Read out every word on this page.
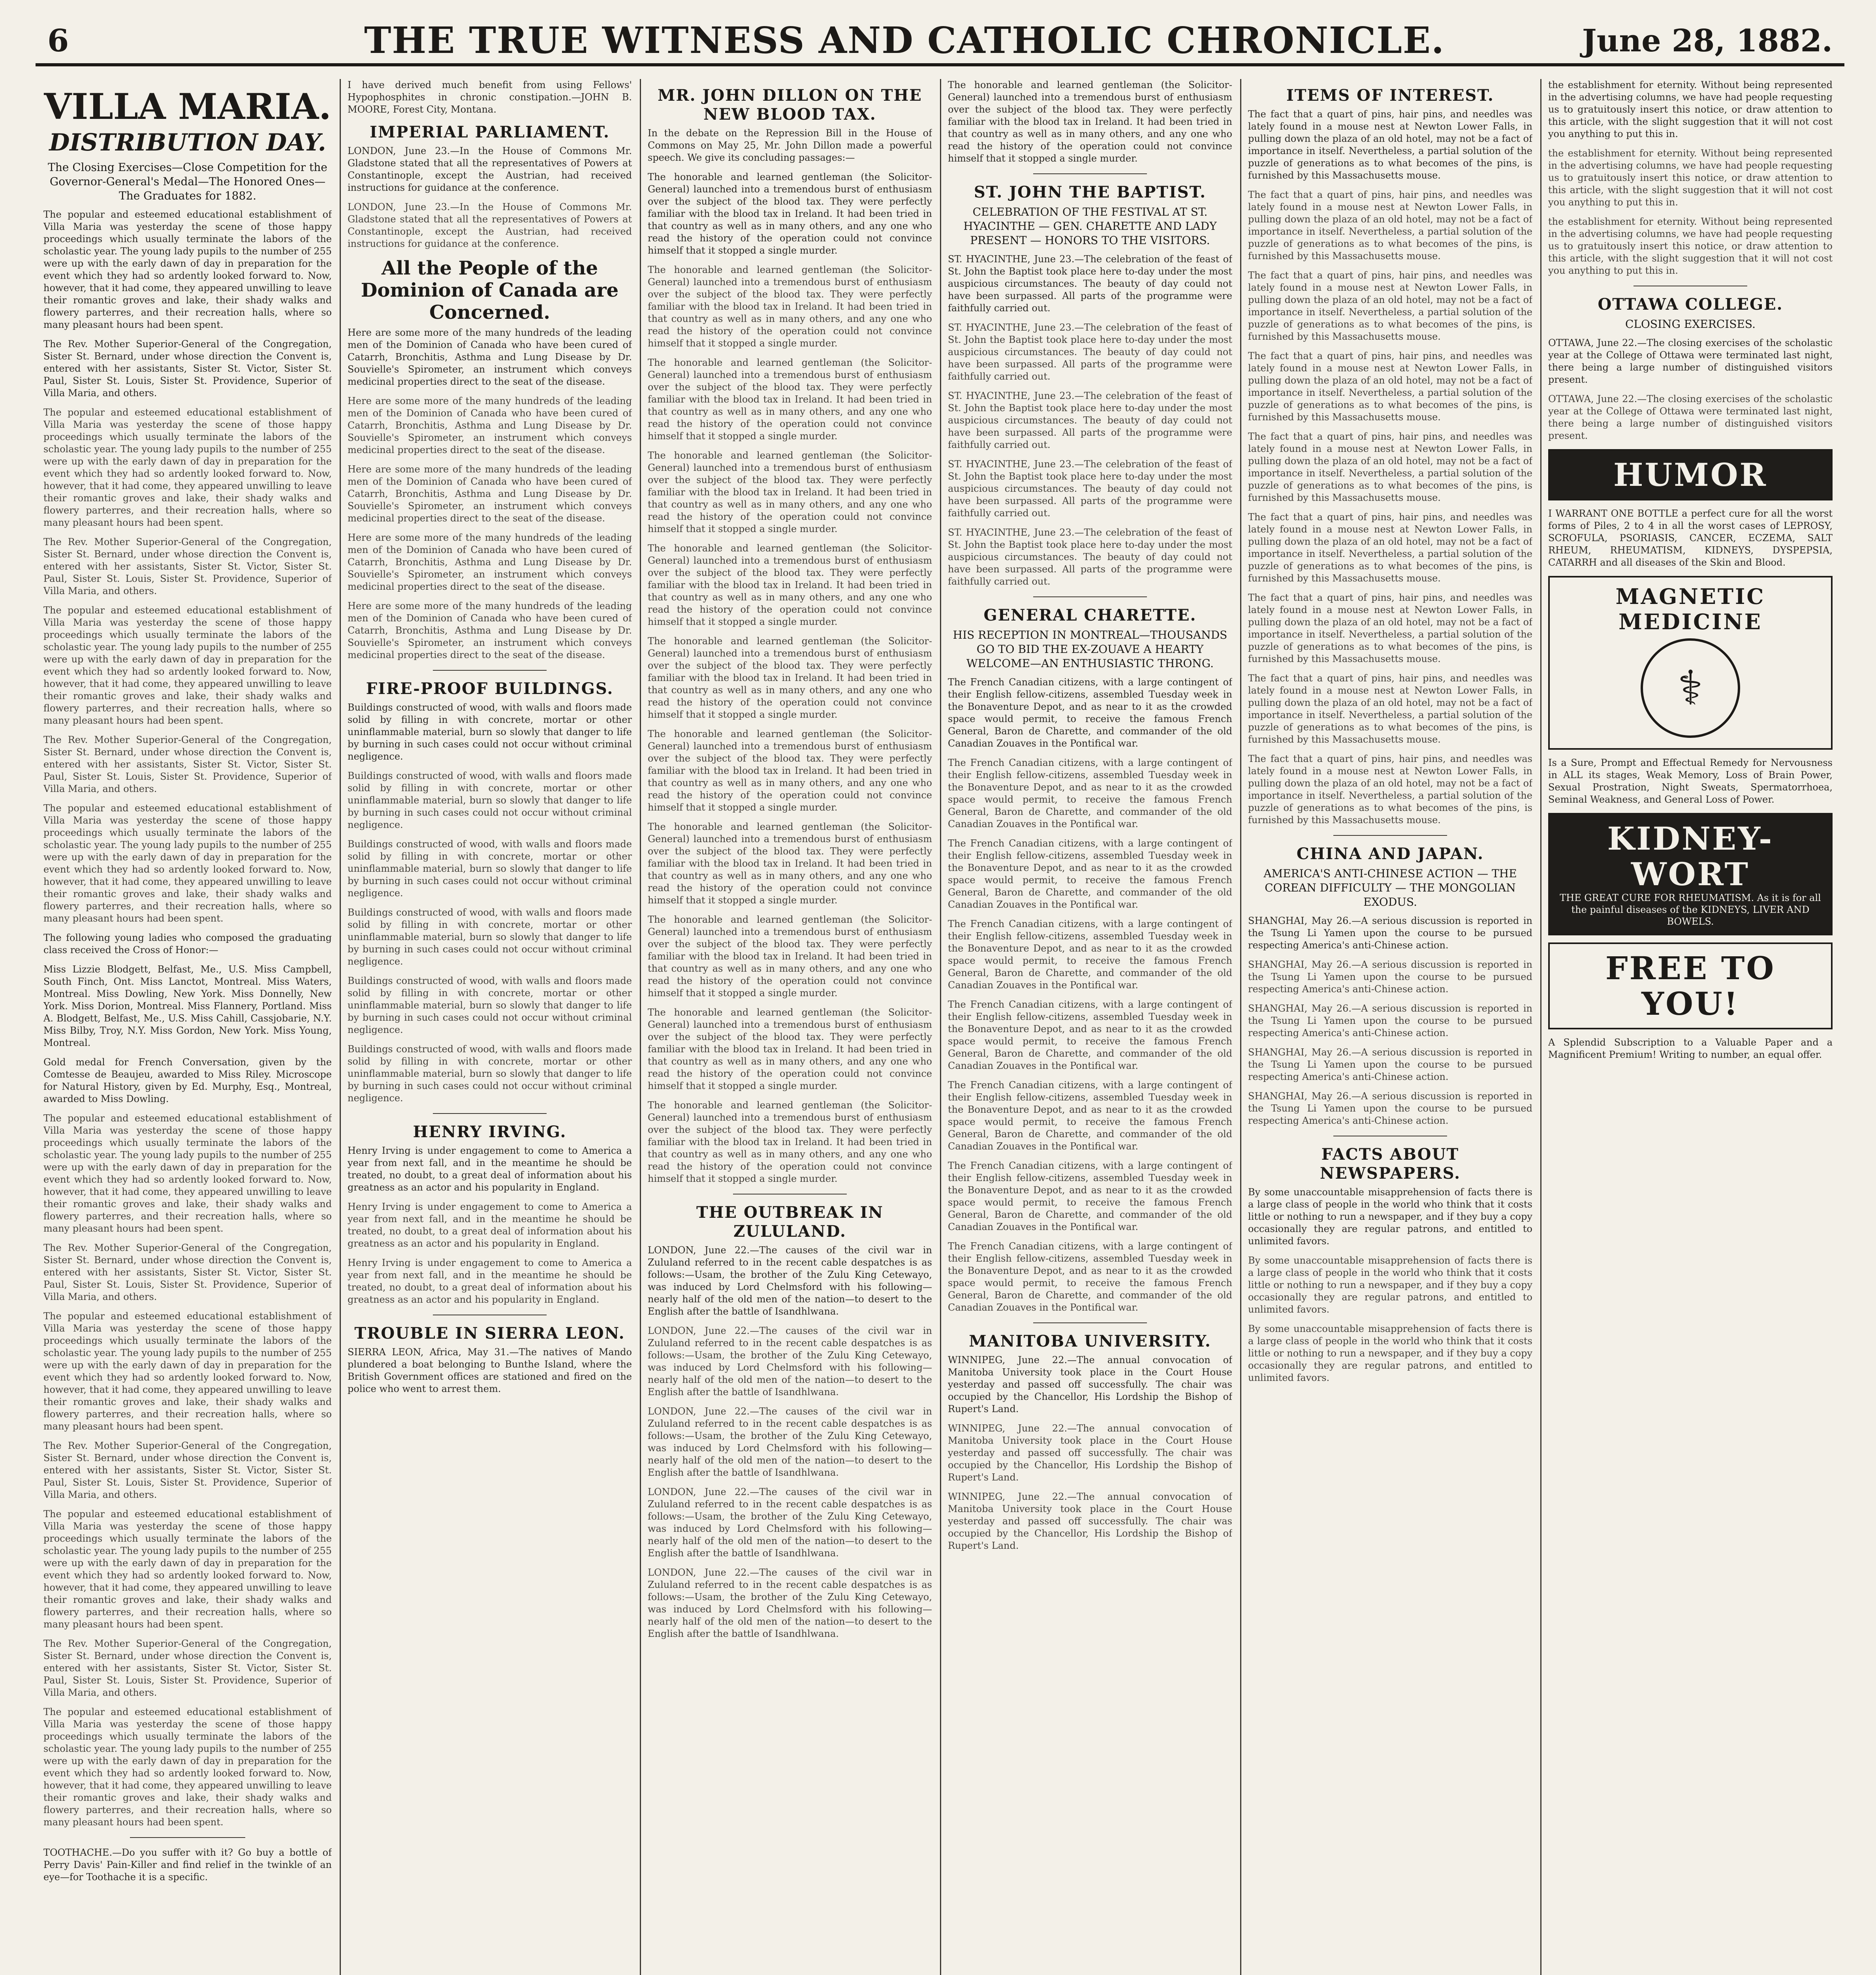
6	THE TRUE WITNESS AND CATHOLIC CHRONICLE.	June 28, 1882.
VILLA MARIA.
DISTRIBUTION DAY.
The Closing Exercises—Close Competition for the Governor-General's Medal—The Honored Ones—The Graduates for 1882.

The popular and esteemed educational establishment of Villa Maria was yesterday the scene of those happy proceedings which usually terminate the labors of the scholastic year. The young lady pupils to the number of 255 were up with the early dawn of day in preparation for the event which they had so ardently looked forward to. Now, however, that it had come, they appeared unwilling to leave their romantic groves and lake, their shady walks and flowery parterres, and their recreation halls, where so many pleasant hours had been spent.

The Rev. Mother Superior-General of the Congregation, Sister St. Bernard, under whose direction the Convent is, entered with her assistants, Sister St. Victor, Sister St. Paul, Sister St. Louis, Sister St. Providence, Superior of Villa Maria, and others.

The popular and esteemed educational establishment of Villa Maria was yesterday the scene of those happy proceedings which usually terminate the labors of the scholastic year. The young lady pupils to the number of 255 were up with the early dawn of day in preparation for the event which they had so ardently looked forward to. Now, however, that it had come, they appeared unwilling to leave their romantic groves and lake, their shady walks and flowery parterres, and their recreation halls, where so many pleasant hours had been spent.

The Rev. Mother Superior-General of the Congregation, Sister St. Bernard, under whose direction the Convent is, entered with her assistants, Sister St. Victor, Sister St. Paul, Sister St. Louis, Sister St. Providence, Superior of Villa Maria, and others.

The popular and esteemed educational establishment of Villa Maria was yesterday the scene of those happy proceedings which usually terminate the labors of the scholastic year. The young lady pupils to the number of 255 were up with the early dawn of day in preparation for the event which they had so ardently looked forward to. Now, however, that it had come, they appeared unwilling to leave their romantic groves and lake, their shady walks and flowery parterres, and their recreation halls, where so many pleasant hours had been spent.

The Rev. Mother Superior-General of the Congregation, Sister St. Bernard, under whose direction the Convent is, entered with her assistants, Sister St. Victor, Sister St. Paul, Sister St. Louis, Sister St. Providence, Superior of Villa Maria, and others.

The popular and esteemed educational establishment of Villa Maria was yesterday the scene of those happy proceedings which usually terminate the labors of the scholastic year. The young lady pupils to the number of 255 were up with the early dawn of day in preparation for the event which they had so ardently looked forward to. Now, however, that it had come, they appeared unwilling to leave their romantic groves and lake, their shady walks and flowery parterres, and their recreation halls, where so many pleasant hours had been spent.

The following young ladies who composed the graduating class received the Cross of Honor:—

Miss Lizzie Blodgett, Belfast, Me., U.S. Miss Campbell, South Finch, Ont. Miss Lanctot, Montreal. Miss Waters, Montreal. Miss Dowling, New York. Miss Donnelly, New York. Miss Dorion, Montreal. Miss Flannery, Portland. Miss A. Blodgett, Belfast, Me., U.S. Miss Cahill, Cassjobarie, N.Y. Miss Bilby, Troy, N.Y. Miss Gordon, New York. Miss Young, Montreal.

Gold medal for French Conversation, given by the Comtesse de Beaujeu, awarded to Miss Riley. Microscope for Natural History, given by Ed. Murphy, Esq., Montreal, awarded to Miss Dowling.

The popular and esteemed educational establishment of Villa Maria was yesterday the scene of those happy proceedings which usually terminate the labors of the scholastic year. The young lady pupils to the number of 255 were up with the early dawn of day in preparation for the event which they had so ardently looked forward to. Now, however, that it had come, they appeared unwilling to leave their romantic groves and lake, their shady walks and flowery parterres, and their recreation halls, where so many pleasant hours had been spent.

The Rev. Mother Superior-General of the Congregation, Sister St. Bernard, under whose direction the Convent is, entered with her assistants, Sister St. Victor, Sister St. Paul, Sister St. Louis, Sister St. Providence, Superior of Villa Maria, and others.

The popular and esteemed educational establishment of Villa Maria was yesterday the scene of those happy proceedings which usually terminate the labors of the scholastic year. The young lady pupils to the number of 255 were up with the early dawn of day in preparation for the event which they had so ardently looked forward to. Now, however, that it had come, they appeared unwilling to leave their romantic groves and lake, their shady walks and flowery parterres, and their recreation halls, where so many pleasant hours had been spent.

The Rev. Mother Superior-General of the Congregation, Sister St. Bernard, under whose direction the Convent is, entered with her assistants, Sister St. Victor, Sister St. Paul, Sister St. Louis, Sister St. Providence, Superior of Villa Maria, and others.

The popular and esteemed educational establishment of Villa Maria was yesterday the scene of those happy proceedings which usually terminate the labors of the scholastic year. The young lady pupils to the number of 255 were up with the early dawn of day in preparation for the event which they had so ardently looked forward to. Now, however, that it had come, they appeared unwilling to leave their romantic groves and lake, their shady walks and flowery parterres, and their recreation halls, where so many pleasant hours had been spent.

The Rev. Mother Superior-General of the Congregation, Sister St. Bernard, under whose direction the Convent is, entered with her assistants, Sister St. Victor, Sister St. Paul, Sister St. Louis, Sister St. Providence, Superior of Villa Maria, and others.

The popular and esteemed educational establishment of Villa Maria was yesterday the scene of those happy proceedings which usually terminate the labors of the scholastic year. The young lady pupils to the number of 255 were up with the early dawn of day in preparation for the event which they had so ardently looked forward to. Now, however, that it had come, they appeared unwilling to leave their romantic groves and lake, their shady walks and flowery parterres, and their recreation halls, where so many pleasant hours had been spent.

TOOTHACHE.—Do you suffer with it? Go buy a bottle of Perry Davis' Pain-Killer and find relief in the twinkle of an eye—for Toothache it is a specific.

I have derived much benefit from using Fellows' Hypophosphites in chronic constipation.—JOHN B. MOORE, Forest City, Montana.

IMPERIAL PARLIAMENT.

LONDON, June 23.—In the House of Commons Mr. Gladstone stated that all the representatives of Powers at Constantinople, except the Austrian, had received instructions for guidance at the conference.

LONDON, June 23.—In the House of Commons Mr. Gladstone stated that all the representatives of Powers at Constantinople, except the Austrian, had received instructions for guidance at the conference.

All the People of the Dominion of Canada are Concerned.

Here are some more of the many hundreds of the leading men of the Dominion of Canada who have been cured of Catarrh, Bronchitis, Asthma and Lung Disease by Dr. Souvielle's Spirometer, an instrument which conveys medicinal properties direct to the seat of the disease.

Here are some more of the many hundreds of the leading men of the Dominion of Canada who have been cured of Catarrh, Bronchitis, Asthma and Lung Disease by Dr. Souvielle's Spirometer, an instrument which conveys medicinal properties direct to the seat of the disease.

Here are some more of the many hundreds of the leading men of the Dominion of Canada who have been cured of Catarrh, Bronchitis, Asthma and Lung Disease by Dr. Souvielle's Spirometer, an instrument which conveys medicinal properties direct to the seat of the disease.

Here are some more of the many hundreds of the leading men of the Dominion of Canada who have been cured of Catarrh, Bronchitis, Asthma and Lung Disease by Dr. Souvielle's Spirometer, an instrument which conveys medicinal properties direct to the seat of the disease.

Here are some more of the many hundreds of the leading men of the Dominion of Canada who have been cured of Catarrh, Bronchitis, Asthma and Lung Disease by Dr. Souvielle's Spirometer, an instrument which conveys medicinal properties direct to the seat of the disease.

FIRE-PROOF BUILDINGS.

Buildings constructed of wood, with walls and floors made solid by filling in with concrete, mortar or other uninflammable material, burn so slowly that danger to life by burning in such cases could not occur without criminal negligence.

Buildings constructed of wood, with walls and floors made solid by filling in with concrete, mortar or other uninflammable material, burn so slowly that danger to life by burning in such cases could not occur without criminal negligence.

Buildings constructed of wood, with walls and floors made solid by filling in with concrete, mortar or other uninflammable material, burn so slowly that danger to life by burning in such cases could not occur without criminal negligence.

Buildings constructed of wood, with walls and floors made solid by filling in with concrete, mortar or other uninflammable material, burn so slowly that danger to life by burning in such cases could not occur without criminal negligence.

Buildings constructed of wood, with walls and floors made solid by filling in with concrete, mortar or other uninflammable material, burn so slowly that danger to life by burning in such cases could not occur without criminal negligence.

Buildings constructed of wood, with walls and floors made solid by filling in with concrete, mortar or other uninflammable material, burn so slowly that danger to life by burning in such cases could not occur without criminal negligence.

HENRY IRVING.

Henry Irving is under engagement to come to America a year from next fall, and in the meantime he should be treated, no doubt, to a great deal of information about his greatness as an actor and his popularity in England.

Henry Irving is under engagement to come to America a year from next fall, and in the meantime he should be treated, no doubt, to a great deal of information about his greatness as an actor and his popularity in England.

Henry Irving is under engagement to come to America a year from next fall, and in the meantime he should be treated, no doubt, to a great deal of information about his greatness as an actor and his popularity in England.

TROUBLE IN SIERRA LEON.

SIERRA LEON, Africa, May 31.—The natives of Mando plundered a boat belonging to Bunthe Island, where the British Government offices are stationed and fired on the police who went to arrest them.

MR. JOHN DILLON ON THE NEW BLOOD TAX.

In the debate on the Repression Bill in the House of Commons on May 25, Mr. John Dillon made a powerful speech. We give its concluding passages:—

The honorable and learned gentleman (the Solicitor-General) launched into a tremendous burst of enthusiasm over the subject of the blood tax. They were perfectly familiar with the blood tax in Ireland. It had been tried in that country as well as in many others, and any one who read the history of the operation could not convince himself that it stopped a single murder.

The honorable and learned gentleman (the Solicitor-General) launched into a tremendous burst of enthusiasm over the subject of the blood tax. They were perfectly familiar with the blood tax in Ireland. It had been tried in that country as well as in many others, and any one who read the history of the operation could not convince himself that it stopped a single murder.

The honorable and learned gentleman (the Solicitor-General) launched into a tremendous burst of enthusiasm over the subject of the blood tax. They were perfectly familiar with the blood tax in Ireland. It had been tried in that country as well as in many others, and any one who read the history of the operation could not convince himself that it stopped a single murder.

The honorable and learned gentleman (the Solicitor-General) launched into a tremendous burst of enthusiasm over the subject of the blood tax. They were perfectly familiar with the blood tax in Ireland. It had been tried in that country as well as in many others, and any one who read the history of the operation could not convince himself that it stopped a single murder.

The honorable and learned gentleman (the Solicitor-General) launched into a tremendous burst of enthusiasm over the subject of the blood tax. They were perfectly familiar with the blood tax in Ireland. It had been tried in that country as well as in many others, and any one who read the history of the operation could not convince himself that it stopped a single murder.

The honorable and learned gentleman (the Solicitor-General) launched into a tremendous burst of enthusiasm over the subject of the blood tax. They were perfectly familiar with the blood tax in Ireland. It had been tried in that country as well as in many others, and any one who read the history of the operation could not convince himself that it stopped a single murder.

The honorable and learned gentleman (the Solicitor-General) launched into a tremendous burst of enthusiasm over the subject of the blood tax. They were perfectly familiar with the blood tax in Ireland. It had been tried in that country as well as in many others, and any one who read the history of the operation could not convince himself that it stopped a single murder.

The honorable and learned gentleman (the Solicitor-General) launched into a tremendous burst of enthusiasm over the subject of the blood tax. They were perfectly familiar with the blood tax in Ireland. It had been tried in that country as well as in many others, and any one who read the history of the operation could not convince himself that it stopped a single murder.

The honorable and learned gentleman (the Solicitor-General) launched into a tremendous burst of enthusiasm over the subject of the blood tax. They were perfectly familiar with the blood tax in Ireland. It had been tried in that country as well as in many others, and any one who read the history of the operation could not convince himself that it stopped a single murder.

The honorable and learned gentleman (the Solicitor-General) launched into a tremendous burst of enthusiasm over the subject of the blood tax. They were perfectly familiar with the blood tax in Ireland. It had been tried in that country as well as in many others, and any one who read the history of the operation could not convince himself that it stopped a single murder.

The honorable and learned gentleman (the Solicitor-General) launched into a tremendous burst of enthusiasm over the subject of the blood tax. They were perfectly familiar with the blood tax in Ireland. It had been tried in that country as well as in many others, and any one who read the history of the operation could not convince himself that it stopped a single murder.

THE OUTBREAK IN ZULULAND.

LONDON, June 22.—The causes of the civil war in Zululand referred to in the recent cable despatches is as follows:—Usam, the brother of the Zulu King Cetewayo, was induced by Lord Chelmsford with his following—nearly half of the old men of the nation—to desert to the English after the battle of Isandhlwana.

LONDON, June 22.—The causes of the civil war in Zululand referred to in the recent cable despatches is as follows:—Usam, the brother of the Zulu King Cetewayo, was induced by Lord Chelmsford with his following—nearly half of the old men of the nation—to desert to the English after the battle of Isandhlwana.

LONDON, June 22.—The causes of the civil war in Zululand referred to in the recent cable despatches is as follows:—Usam, the brother of the Zulu King Cetewayo, was induced by Lord Chelmsford with his following—nearly half of the old men of the nation—to desert to the English after the battle of Isandhlwana.

LONDON, June 22.—The causes of the civil war in Zululand referred to in the recent cable despatches is as follows:—Usam, the brother of the Zulu King Cetewayo, was induced by Lord Chelmsford with his following—nearly half of the old men of the nation—to desert to the English after the battle of Isandhlwana.

LONDON, June 22.—The causes of the civil war in Zululand referred to in the recent cable despatches is as follows:—Usam, the brother of the Zulu King Cetewayo, was induced by Lord Chelmsford with his following—nearly half of the old men of the nation—to desert to the English after the battle of Isandhlwana.

The honorable and learned gentleman (the Solicitor-General) launched into a tremendous burst of enthusiasm over the subject of the blood tax. They were perfectly familiar with the blood tax in Ireland. It had been tried in that country as well as in many others, and any one who read the history of the operation could not convince himself that it stopped a single murder.

ST. JOHN THE BAPTIST.
CELEBRATION OF THE FESTIVAL AT ST. HYACINTHE — GEN. CHARETTE AND LADY PRESENT — HONORS TO THE VISITORS.

ST. HYACINTHE, June 23.—The celebration of the feast of St. John the Baptist took place here to-day under the most auspicious circumstances. The beauty of day could not have been surpassed. All parts of the programme were faithfully carried out.

ST. HYACINTHE, June 23.—The celebration of the feast of St. John the Baptist took place here to-day under the most auspicious circumstances. The beauty of day could not have been surpassed. All parts of the programme were faithfully carried out.

ST. HYACINTHE, June 23.—The celebration of the feast of St. John the Baptist took place here to-day under the most auspicious circumstances. The beauty of day could not have been surpassed. All parts of the programme were faithfully carried out.

ST. HYACINTHE, June 23.—The celebration of the feast of St. John the Baptist took place here to-day under the most auspicious circumstances. The beauty of day could not have been surpassed. All parts of the programme were faithfully carried out.

ST. HYACINTHE, June 23.—The celebration of the feast of St. John the Baptist took place here to-day under the most auspicious circumstances. The beauty of day could not have been surpassed. All parts of the programme were faithfully carried out.

GENERAL CHARETTE.
HIS RECEPTION IN MONTREAL—THOUSANDS GO TO BID THE EX-ZOUAVE A HEARTY WELCOME—AN ENTHUSIASTIC THRONG.

The French Canadian citizens, with a large contingent of their English fellow-citizens, assembled Tuesday week in the Bonaventure Depot, and as near to it as the crowded space would permit, to receive the famous French General, Baron de Charette, and commander of the old Canadian Zouaves in the Pontifical war.

The French Canadian citizens, with a large contingent of their English fellow-citizens, assembled Tuesday week in the Bonaventure Depot, and as near to it as the crowded space would permit, to receive the famous French General, Baron de Charette, and commander of the old Canadian Zouaves in the Pontifical war.

The French Canadian citizens, with a large contingent of their English fellow-citizens, assembled Tuesday week in the Bonaventure Depot, and as near to it as the crowded space would permit, to receive the famous French General, Baron de Charette, and commander of the old Canadian Zouaves in the Pontifical war.

The French Canadian citizens, with a large contingent of their English fellow-citizens, assembled Tuesday week in the Bonaventure Depot, and as near to it as the crowded space would permit, to receive the famous French General, Baron de Charette, and commander of the old Canadian Zouaves in the Pontifical war.

The French Canadian citizens, with a large contingent of their English fellow-citizens, assembled Tuesday week in the Bonaventure Depot, and as near to it as the crowded space would permit, to receive the famous French General, Baron de Charette, and commander of the old Canadian Zouaves in the Pontifical war.

The French Canadian citizens, with a large contingent of their English fellow-citizens, assembled Tuesday week in the Bonaventure Depot, and as near to it as the crowded space would permit, to receive the famous French General, Baron de Charette, and commander of the old Canadian Zouaves in the Pontifical war.

The French Canadian citizens, with a large contingent of their English fellow-citizens, assembled Tuesday week in the Bonaventure Depot, and as near to it as the crowded space would permit, to receive the famous French General, Baron de Charette, and commander of the old Canadian Zouaves in the Pontifical war.

The French Canadian citizens, with a large contingent of their English fellow-citizens, assembled Tuesday week in the Bonaventure Depot, and as near to it as the crowded space would permit, to receive the famous French General, Baron de Charette, and commander of the old Canadian Zouaves in the Pontifical war.

MANITOBA UNIVERSITY.

WINNIPEG, June 22.—The annual convocation of Manitoba University took place in the Court House yesterday and passed off successfully. The chair was occupied by the Chancellor, His Lordship the Bishop of Rupert's Land.

WINNIPEG, June 22.—The annual convocation of Manitoba University took place in the Court House yesterday and passed off successfully. The chair was occupied by the Chancellor, His Lordship the Bishop of Rupert's Land.

WINNIPEG, June 22.—The annual convocation of Manitoba University took place in the Court House yesterday and passed off successfully. The chair was occupied by the Chancellor, His Lordship the Bishop of Rupert's Land.

ITEMS OF INTEREST.

The fact that a quart of pins, hair pins, and needles was lately found in a mouse nest at Newton Lower Falls, in pulling down the plaza of an old hotel, may not be a fact of importance in itself. Nevertheless, a partial solution of the puzzle of generations as to what becomes of the pins, is furnished by this Massachusetts mouse.

The fact that a quart of pins, hair pins, and needles was lately found in a mouse nest at Newton Lower Falls, in pulling down the plaza of an old hotel, may not be a fact of importance in itself. Nevertheless, a partial solution of the puzzle of generations as to what becomes of the pins, is furnished by this Massachusetts mouse.

The fact that a quart of pins, hair pins, and needles was lately found in a mouse nest at Newton Lower Falls, in pulling down the plaza of an old hotel, may not be a fact of importance in itself. Nevertheless, a partial solution of the puzzle of generations as to what becomes of the pins, is furnished by this Massachusetts mouse.

The fact that a quart of pins, hair pins, and needles was lately found in a mouse nest at Newton Lower Falls, in pulling down the plaza of an old hotel, may not be a fact of importance in itself. Nevertheless, a partial solution of the puzzle of generations as to what becomes of the pins, is furnished by this Massachusetts mouse.

The fact that a quart of pins, hair pins, and needles was lately found in a mouse nest at Newton Lower Falls, in pulling down the plaza of an old hotel, may not be a fact of importance in itself. Nevertheless, a partial solution of the puzzle of generations as to what becomes of the pins, is furnished by this Massachusetts mouse.

The fact that a quart of pins, hair pins, and needles was lately found in a mouse nest at Newton Lower Falls, in pulling down the plaza of an old hotel, may not be a fact of importance in itself. Nevertheless, a partial solution of the puzzle of generations as to what becomes of the pins, is furnished by this Massachusetts mouse.

The fact that a quart of pins, hair pins, and needles was lately found in a mouse nest at Newton Lower Falls, in pulling down the plaza of an old hotel, may not be a fact of importance in itself. Nevertheless, a partial solution of the puzzle of generations as to what becomes of the pins, is furnished by this Massachusetts mouse.

The fact that a quart of pins, hair pins, and needles was lately found in a mouse nest at Newton Lower Falls, in pulling down the plaza of an old hotel, may not be a fact of importance in itself. Nevertheless, a partial solution of the puzzle of generations as to what becomes of the pins, is furnished by this Massachusetts mouse.

The fact that a quart of pins, hair pins, and needles was lately found in a mouse nest at Newton Lower Falls, in pulling down the plaza of an old hotel, may not be a fact of importance in itself. Nevertheless, a partial solution of the puzzle of generations as to what becomes of the pins, is furnished by this Massachusetts mouse.

CHINA AND JAPAN.
AMERICA'S ANTI-CHINESE ACTION — THE COREAN DIFFICULTY — THE MONGOLIAN EXODUS.

SHANGHAI, May 26.—A serious discussion is reported in the Tsung Li Yamen upon the course to be pursued respecting America's anti-Chinese action.

SHANGHAI, May 26.—A serious discussion is reported in the Tsung Li Yamen upon the course to be pursued respecting America's anti-Chinese action.

SHANGHAI, May 26.—A serious discussion is reported in the Tsung Li Yamen upon the course to be pursued respecting America's anti-Chinese action.

SHANGHAI, May 26.—A serious discussion is reported in the Tsung Li Yamen upon the course to be pursued respecting America's anti-Chinese action.

SHANGHAI, May 26.—A serious discussion is reported in the Tsung Li Yamen upon the course to be pursued respecting America's anti-Chinese action.

FACTS ABOUT NEWSPAPERS.

By some unaccountable misapprehension of facts there is a large class of people in the world who think that it costs little or nothing to run a newspaper, and if they buy a copy occasionally they are regular patrons, and entitled to unlimited favors.

By some unaccountable misapprehension of facts there is a large class of people in the world who think that it costs little or nothing to run a newspaper, and if they buy a copy occasionally they are regular patrons, and entitled to unlimited favors.

By some unaccountable misapprehension of facts there is a large class of people in the world who think that it costs little or nothing to run a newspaper, and if they buy a copy occasionally they are regular patrons, and entitled to unlimited favors.

the establishment for eternity. Without being represented in the advertising columns, we have had people requesting us to gratuitously insert this notice, or draw attention to this article, with the slight suggestion that it will not cost you anything to put this in.

the establishment for eternity. Without being represented in the advertising columns, we have had people requesting us to gratuitously insert this notice, or draw attention to this article, with the slight suggestion that it will not cost you anything to put this in.

the establishment for eternity. Without being represented in the advertising columns, we have had people requesting us to gratuitously insert this notice, or draw attention to this article, with the slight suggestion that it will not cost you anything to put this in.

OTTAWA COLLEGE.
CLOSING EXERCISES.

OTTAWA, June 22.—The closing exercises of the scholastic year at the College of Ottawa were terminated last night, there being a large number of distinguished visitors present.

OTTAWA, June 22.—The closing exercises of the scholastic year at the College of Ottawa were terminated last night, there being a large number of distinguished visitors present.

HUMOR

I WARRANT ONE BOTTLE a perfect cure for all the worst forms of Piles, 2 to 4 in all the worst cases of LEPROSY, SCROFULA, PSORIASIS, CANCER, ECZEMA, SALT RHEUM, RHEUMATISM, KIDNEYS, DYSPEPSIA, CATARRH and all diseases of the Skin and Blood.

MAGNETIC MEDICINE
⚕

Is a Sure, Prompt and Effectual Remedy for Nervousness in ALL its stages, Weak Memory, Loss of Brain Power, Sexual Prostration, Night Sweats, Spermatorrhoea, Seminal Weakness, and General Loss of Power.

KIDNEY-WORT
THE GREAT CURE FOR RHEUMATISM. As it is for all the painful diseases of the KIDNEYS, LIVER AND BOWELS.
FREE TO YOU!

A Splendid Subscription to a Valuable Paper and a Magnificent Premium! Writing to number, an equal offer.
